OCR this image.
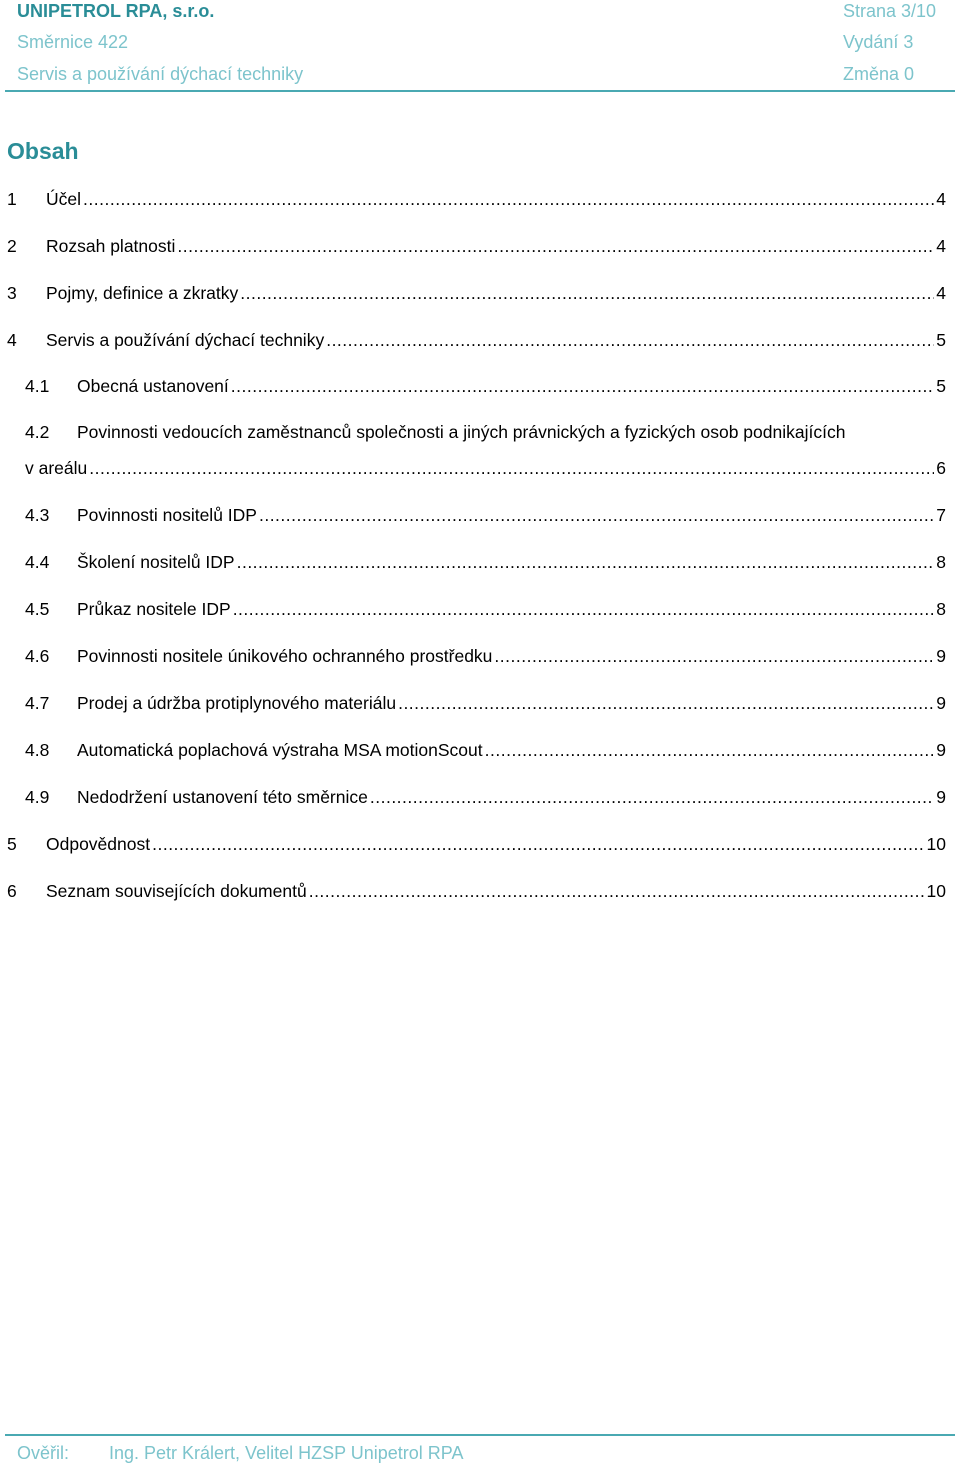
UNIPETROL RPA, s.r.o.	Strana 3/10
Směrnice 422	Vydání 3
Servis a používání dýchací techniky	Změna 0
Obsah
1	Účel .....	4
2	Rozsah platnosti .....	4
3	Pojmy, definice a zkratky .....	4
4	Servis a používání dýchací techniky .....	5
4.1	Obecná ustanovení .....	5
4.2 Povinnosti vedoucích zaměstnanců společnosti a jiných právnických a fyzických osob podnikajících
v areálu .....	6
4.3	Povinnosti nositelů IDP .....	7
4.4	Školení nositelů IDP .....	8
4.5	Průkaz nositele IDP .....	8
4.6	Povinnosti nositele únikového ochranného prostředku .....	9
4.7	Prodej a údržba protiplynového materiálu .....	9
4.8	Automatická poplachová výstraha MSA motionScout .....	9
4.9	Nedodržení ustanovení této směrnice .....	9
5	Odpovědnost .....	10
6	Seznam souvisejících dokumentů .....	10
Ověřil: Ing. Petr Králert, Velitel HZSP Unipetrol RPA
